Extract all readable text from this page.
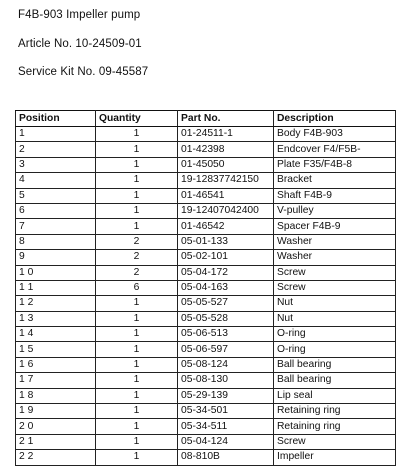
F4B-903 Impeller pump
Article No. 10-24509-01
Service Kit No. 09-45587
Position	Quantity	Part No.	Description
1	1	01-24511-1	Body F4B-903
2	1	01-42398	Endcover F4/F5B-
3	1	01-45050	Plate F35/F4B-8
4	1	19-12837742150	Bracket
5	1	01-46541	Shaft F4B-9
6	1	19-12407042400	V-pulley
7	1	01-46542	Spacer F4B-9
8	2	05-01-133	Washer
9	2	05-02-101	Washer
1 0	2	05-04-172	Screw
1 1	6	05-04-163	Screw
1 2	1	05-05-527	Nut
1 3	1	05-05-528	Nut
1 4	1	05-06-513	O-ring
1 5	1	05-06-597	O-ring
1 6	1	05-08-124	Ball bearing
1 7	1	05-08-130	Ball bearing
1 8	1	05-29-139	Lip seal
1 9	1	05-34-501	Retaining ring
2 0	1	05-34-511	Retaining ring
2 1	1	05-04-124	Screw
2 2	1	08-810B	Impeller
